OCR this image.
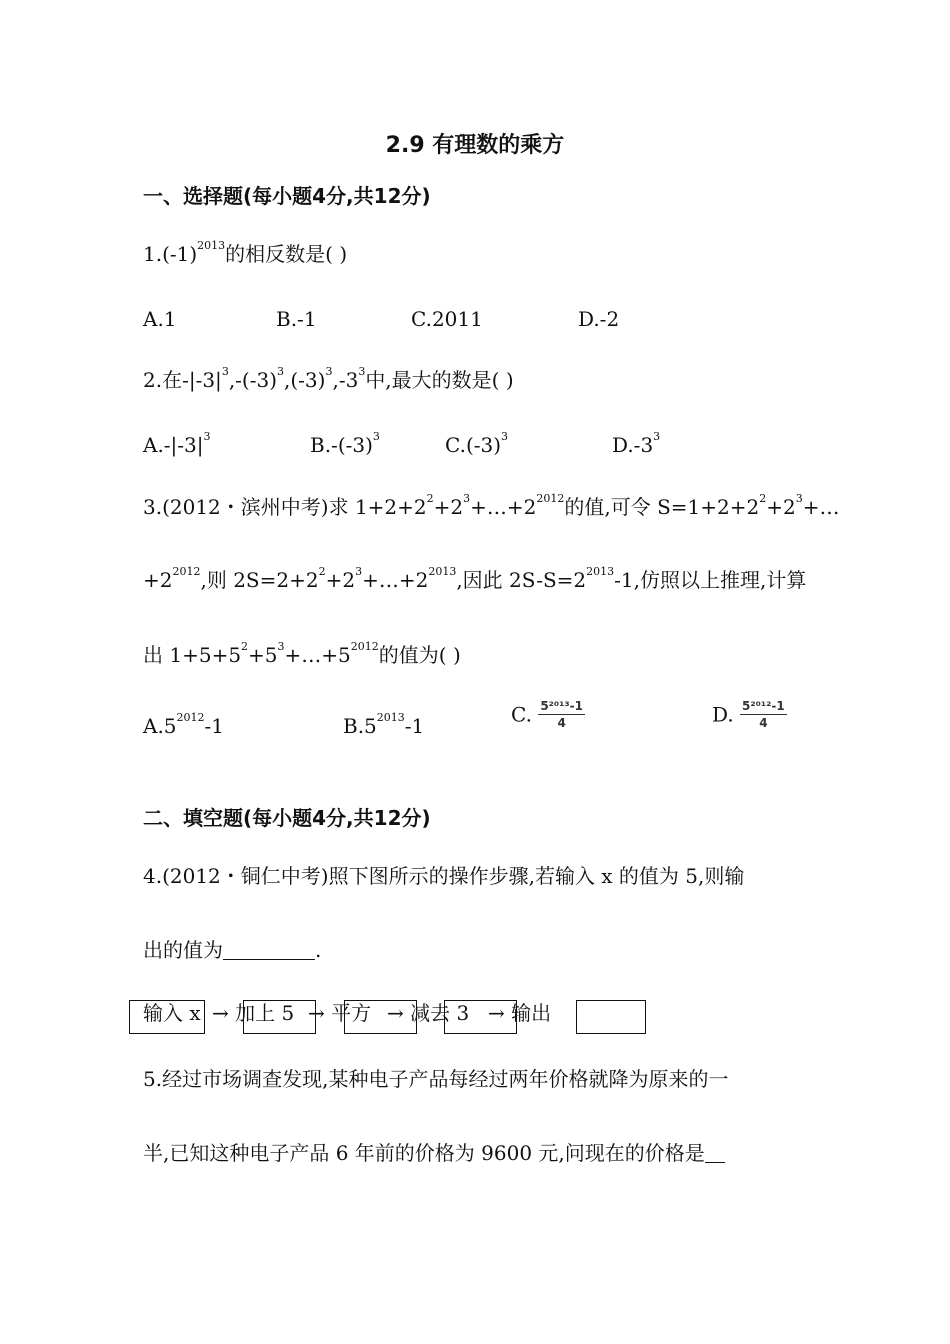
2.9 有理数的乘方
一、选择题(每小题4分,共12分)
$1.(-1)^{2013}$的相反数是( )
A.1	B.-1	C.2011	D.-2
2.在$-|-3|^3,-(-3)^3,(-3)^3,-3^3$中,最大的数是( )
$A.-|-3|^3$	$B.-(-3)^3$	$C.(-3)^3$	$D.-3^3$
3.(2012・滨州中考)求 $1+2+2^2+2^3+\dots+2^{2012}$的值,可令 $S=1+2+2^2+2^3+\dots$
$+2^{2012}$,则 $2S=2+2^2+2^3+\dots+2^{2013}$,因此 $2S-S=2^{2013}-1$,仿照以上推理,计算
出 $1+5+5^2+5^3+\dots+5^{2012}$的值为( )
$A.5^{2012}-1$	$B.5^{2013}-1$	C. $\frac{\text{5²⁰¹³-1}}{4}$	D. $\frac{\text{5²⁰¹²-1}}{4}$
二、填空题(每小题4分,共12分)
4.(2012・铜仁中考)照下图所示的操作步骤,若输入 x 的值为 5,则输
出的值为	.
输入 x → 加上 5 → 平方 → 减去 3 → 输出
5.经过市场调查发现,某种电子产品每经过两年价格就降为原来的一
半,已知这种电子产品 6 年前的价格为 9600 元,问现在的价格是
